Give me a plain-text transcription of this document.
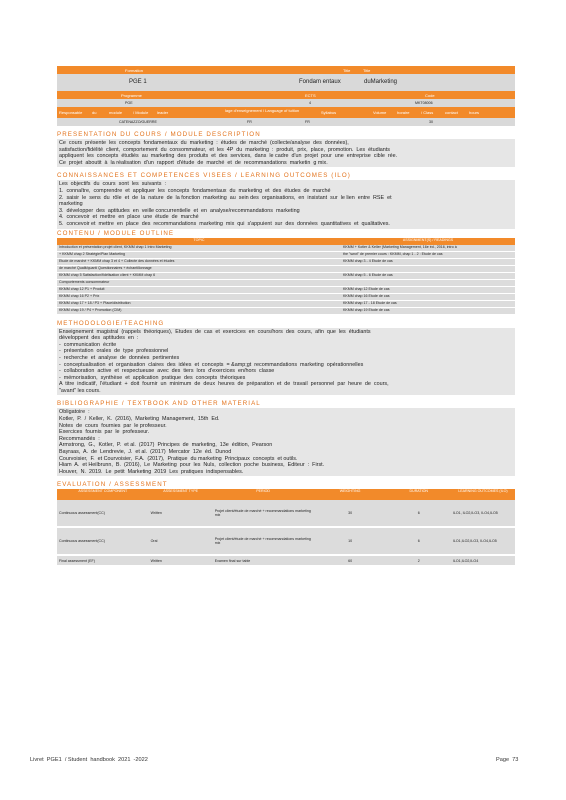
Formation	Title	Title
PGE 1	Fondam entaux	duMarketing
Programme	ECTS	Code
PGE	4	MKT08006
Responsable du	module	/ Module leader	lage d'enseignement / Language of tuition	Syllabus	Volume	horaire	/ Class	contact	hours
CATENAZZO/GUERRE	FR	FR	30
PRESENTATION DU COURS / MODULE DESCRIPTION
Ce  cours  présente  les  concepts  fondamentaux  du  marketing  :  études  de  marché  (collecte/analyse  des  données),
satisfaction/fidélité  client,  comportement  du  consommateur,  et  les  4P  du  marketing  :  produit,  prix,  place,  promotion.  Les  étudiants
appliquent  les  concepts  étudiés  au  marketing  des  produits  et  des  services,  dans  le cadre  d'un  projet  pour  une  entreprise  cible  rée.
Ce  projet  aboutit  à  la réalisation  d'un  rapport  d'étude  de  marché  et  de  recommandations  marketin  g mix.
CONNAISSANCES ET COMPETENCES VISEES / LEARNING OUTCOMES (ILO)
Les  objectifs  du  cours  sont  les  suivants  :
1.  connaître,  comprendre  et  appliquer  les  concepts  fondamentaux  du  marketing  et  des  études  de  marché
2.  saisir  le  sens  du  rôle  et  de  la  nature  de  la fonction  marketing  au  sein des  organisations,  en  insistant  sur  le lien  entre  RSE  et
marketing
3.  développer  des  aptitudes  en  veille concurrentielle  et  en  analyse/recommandations  marketing
4.  concevoir  et  mettre  en  place  une  étude  de  marché
5.  concevoir et  mettre  en  place  des  recommandations  marketing  mix  qui  s'appuient  sur  des  données  quantitatives  et  qualitatives.
CONTENU / MODULE OUTLINE
TOPIC	ASSIGNMENT(S) / READINGS
Introduction et présentation projet client, KKMM chap 1 Intro Marketing	KKMM + Kotler & Keller (Marketing Management, 16e éd., 2016, intro à
+ KKMM chap 2 Stratégie/Plan Marketing	the "swot" de premier cours : KKMM, chap 1 - 2 : Etude de cas
Etude de marché + KKMM chap 3 et 4 + Collecte des données et études	KKMM chap 3 - 4 Etude de cas
de marché Qualit/quanti Questionnaires + échantillonnage	
KKMM chap 5 Satisfaction/fidélisation client + KKMM chap 6	KKMM chap 5 - 6 Etude de cas
Comportements consommateur	
KKMM chap 12 P1 + Produit	KKMM chap 12 Etude de cas
KKMM chap 16 P2 + Prix	KKMM chap 16 Etude de cas
KKMM chap 17 + 18 / P3 + Place/distribution	KKMM chap 17 - 18 Etude de cas
KKMM chap 19 / P4 + Promotion (CIM)	KKMM chap 19 Etude de cas
METHODOLOGIE/TEACHING
Enseignement  magistral  (rappels  théoriques),  Etudes  de  cas  et  exercices  en  cours/hors  des  cours,  afin  que  les  étudiants
développent  des  aptitudes  en  :
-  communication  écrite
-  présentation  orales  de  type  professionnel
-  recherche  et  analyse  de  données  pertinentes
-  conceptualisation  et  organisation  claires  des  idées  et  concepts  = &amp;gt  recommandations  marketing  opérationnelles
-  collaboration  active  et  respectueuse  avec  des  tiers  lors  d'exercices  en/hors  classe
-  mémorisation,  synthèse  et  application  pratique  des  concepts  théoriques
A  titre  indicatif,  l'étudiant  +  doit  fournir  un  minimum  de  deux  heures  de  préparation  et  de  travail  personnel  par  heure  de  cours,
"avant" les cours.
BIBLIOGRAPHIE / TEXTBOOK AND OTHER MATERIAL
Obligatoire  :
Kotler,  P.  /  Keller,  K.  (2016),  Marketing  Management,  15th  Ed.
Notes  de  cours  fournies  par  le professeur.
Exercices  fournis  par  le  professeur.
Recommandés  :
Armstrong,  G.,  Kotler,  P.  et al.  (2017)  Principes  de  marketing,  13e  édition,  Pearson
Bayraas,  A.  de  Lendrevie,  J.  et al.  (2017)  Mercator  12e  éd.  Dunod
Courvoisier,  F.  et Courvoisier,  F.A.  (2017),  Pratique  du marketing  Principaux  concepts  et outils.
Hiam  A.  et Heilbrunn,  B.  (2016),  Le  Marketing  pour  les  Nuls,  collection  poche  business,  Editeur  :  First.
Houver,  N.  2019.  Le  petit  Marketing  2019  Les  pratiques  indispensables.
EVALUATION / ASSESSMENT
ASSESSMENT COMPONENT	ASSESSMENT TYPE	PERIOD	WEIGHTING	DURATION	LEARNING OUTCOMES (ILO)
Continuous assessment(CC)	Written	Projet client/étude de marché + recommandations marketing mix	30	6	ILO1, ILO2,ILO3, ILO4,ILO5
Continuous assessment(CC)	Oral	Projet client/étude de marché + recommandations marketing mix	10	6	ILO1,ILO2,ILO3, ILO4,ILO5
Final assessment (EF)	Written	Examen final sur table	60	2	ILO1,ILO2,ILO4
Livret  PGE1  / Student  handbook  2021  -2022	Page  73
